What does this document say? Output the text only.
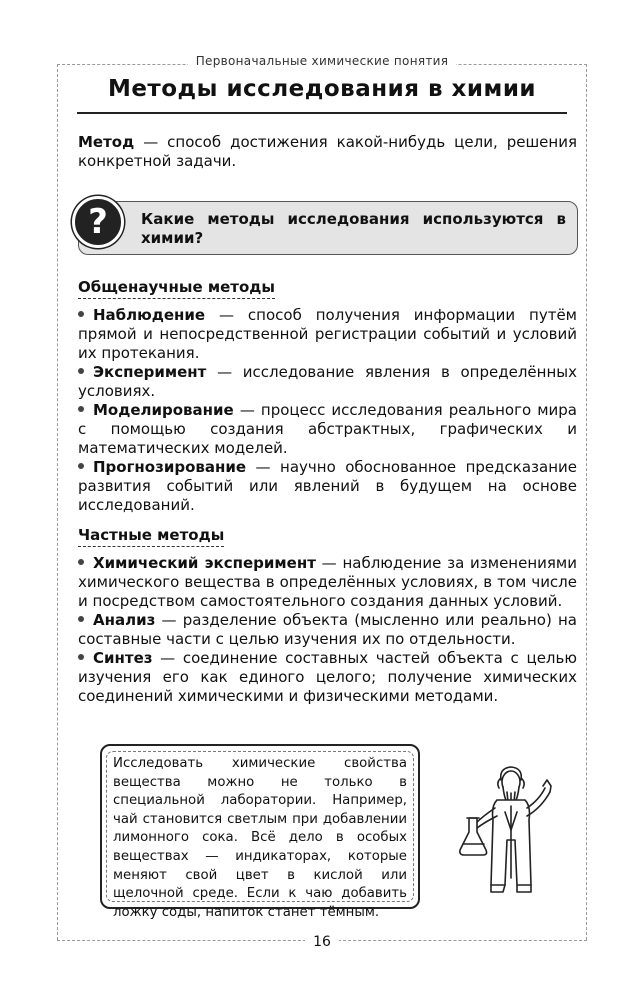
Первоначальные химические понятия
Методы исследования в химии

Метод — способ достижения какой-нибудь цели, решения конкретной задачи.

?	Какие методы исследования используются в химии?

Общенаучные методы

Наблюдение — способ получения информации путём прямой и непосредственной регистрации событий и условий их протекания.

Эксперимент — исследование явления в определённых условиях.

Моделирование — процесс исследования реального мира с помощью создания абстрактных, графических и математических моделей.

Прогнозирование — научно обоснованное предсказание развития событий или явлений в будущем на основе исследований.

Частные методы

Химический эксперимент — наблюдение за изменениями химического вещества в определённых условиях, в том числе и посредством самостоятельного создания данных условий.

Анализ — разделение объекта (мысленно или реально) на составные части с целью изучения их по отдельности.

Синтез — соединение составных частей объекта с целью изучения его как единого целого; получение химических соединений химическими и физическими методами.

Исследовать химические свойства вещества можно не только в специальной лаборатории. Например, чай становится светлым при добавлении лимонного сока. Всё дело в особых веществах — индикаторах, которые меняют свой цвет в кислой или щелочной среде. Если к чаю добавить ложку соды, напиток станет тёмным.

16
